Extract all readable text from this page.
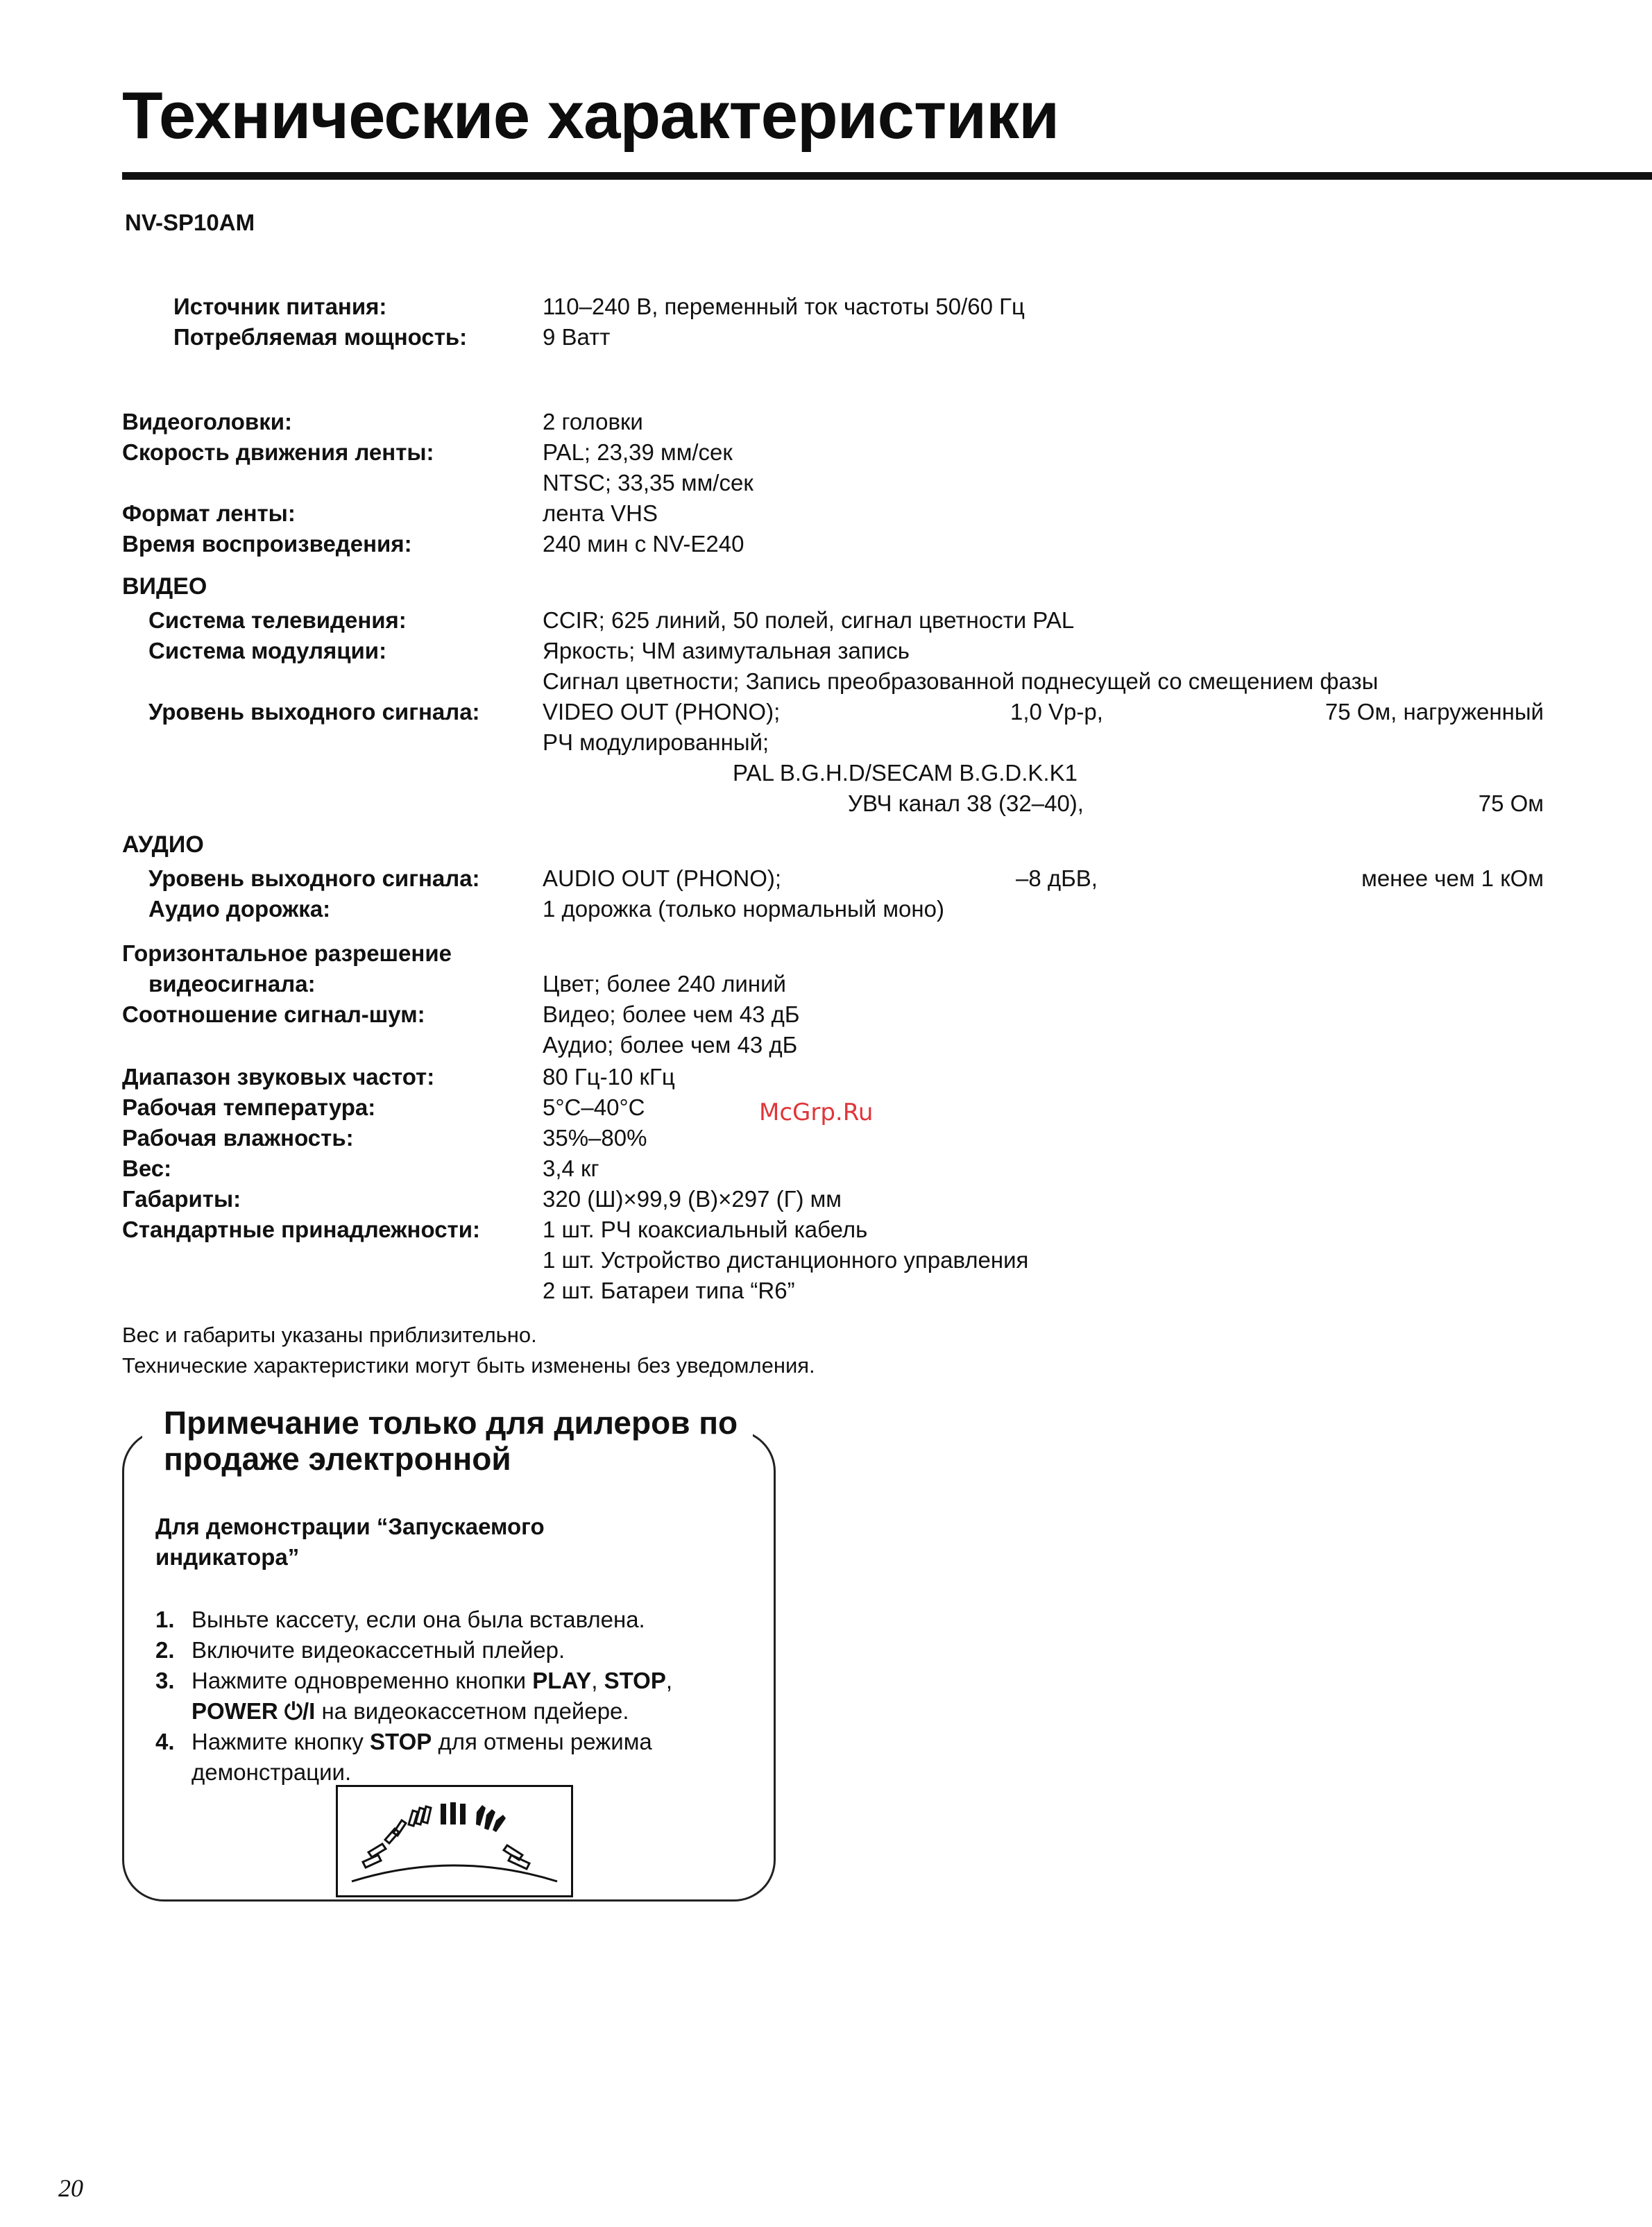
Технические характеристики
NV-SP10AM
Источник питания:	110–240 В, переменный ток частоты 50/60 Гц
Потребляемая мощность:	9 Ватт
Видеоголовки:	2 головки
Скорость движения ленты:	PAL; 23,39 мм/сек
NTSC; 33,35 мм/сек
Формат ленты:	лента VHS
Время воспроизведения:	240 мин с NV-E240
ВИДЕО
Система телевидения:	CCIR; 625 линий, 50 полей, сигнал цветности PAL
Система модуляции:	Яркость; ЧМ азимутальная запись
Сигнал цветности; Запись преобразованной поднесущей со смещением фазы
Уровень выходного сигнала:	VIDEO OUT (PHONO);	1,0 Vp-p,	75 Ом, нагруженный
РЧ модулированный;
PAL B.G.H.D/SECAM B.G.D.K.K1
УВЧ канал 38 (32–40),	75 Ом
АУДИО
Уровень выходного сигнала:	AUDIO OUT (PHONO);	–8 дБВ,	менее чем 1 кОм
Аудио дорожка:	1 дорожка (только нормальный моно)
Горизонтальное разрешение
видеосигнала:	Цвет; более 240 линий
Соотношение сигнал-шум:	Видео; более чем 43 дБ
Аудио; более чем 43 дБ
Диапазон звуковых частот:	80 Гц-10 кГц
Рабочая температура:	5°C–40°C
Рабочая влажность:	35%–80%
Вес:	3,4 кг
Габариты:	320 (Ш)×99,9 (В)×297 (Г) мм
Стандартные принадлежности:	1 шт. РЧ коаксиальный кабель
1 шт. Устройство дистанционного управления
2 шт. Батареи типа “R6”
Вес и габариты указаны приблизительно.
Технические характеристики могут быть изменены без уведомления.
McGrp.Ru
Примечание только для дилеров по продаже электронной
Для демонстрации “Запускаемого индикатора”
1. Выньте кассету, если она была вставлена.
2. Включите видеокассетный плейер.
3. Нажмите одновременно кнопки PLAY, STOP,
POWER ⏻/I на видеокассетном пдейере.
4. Нажмите кнопку STOP для отмены режима
демонстрации.
20
